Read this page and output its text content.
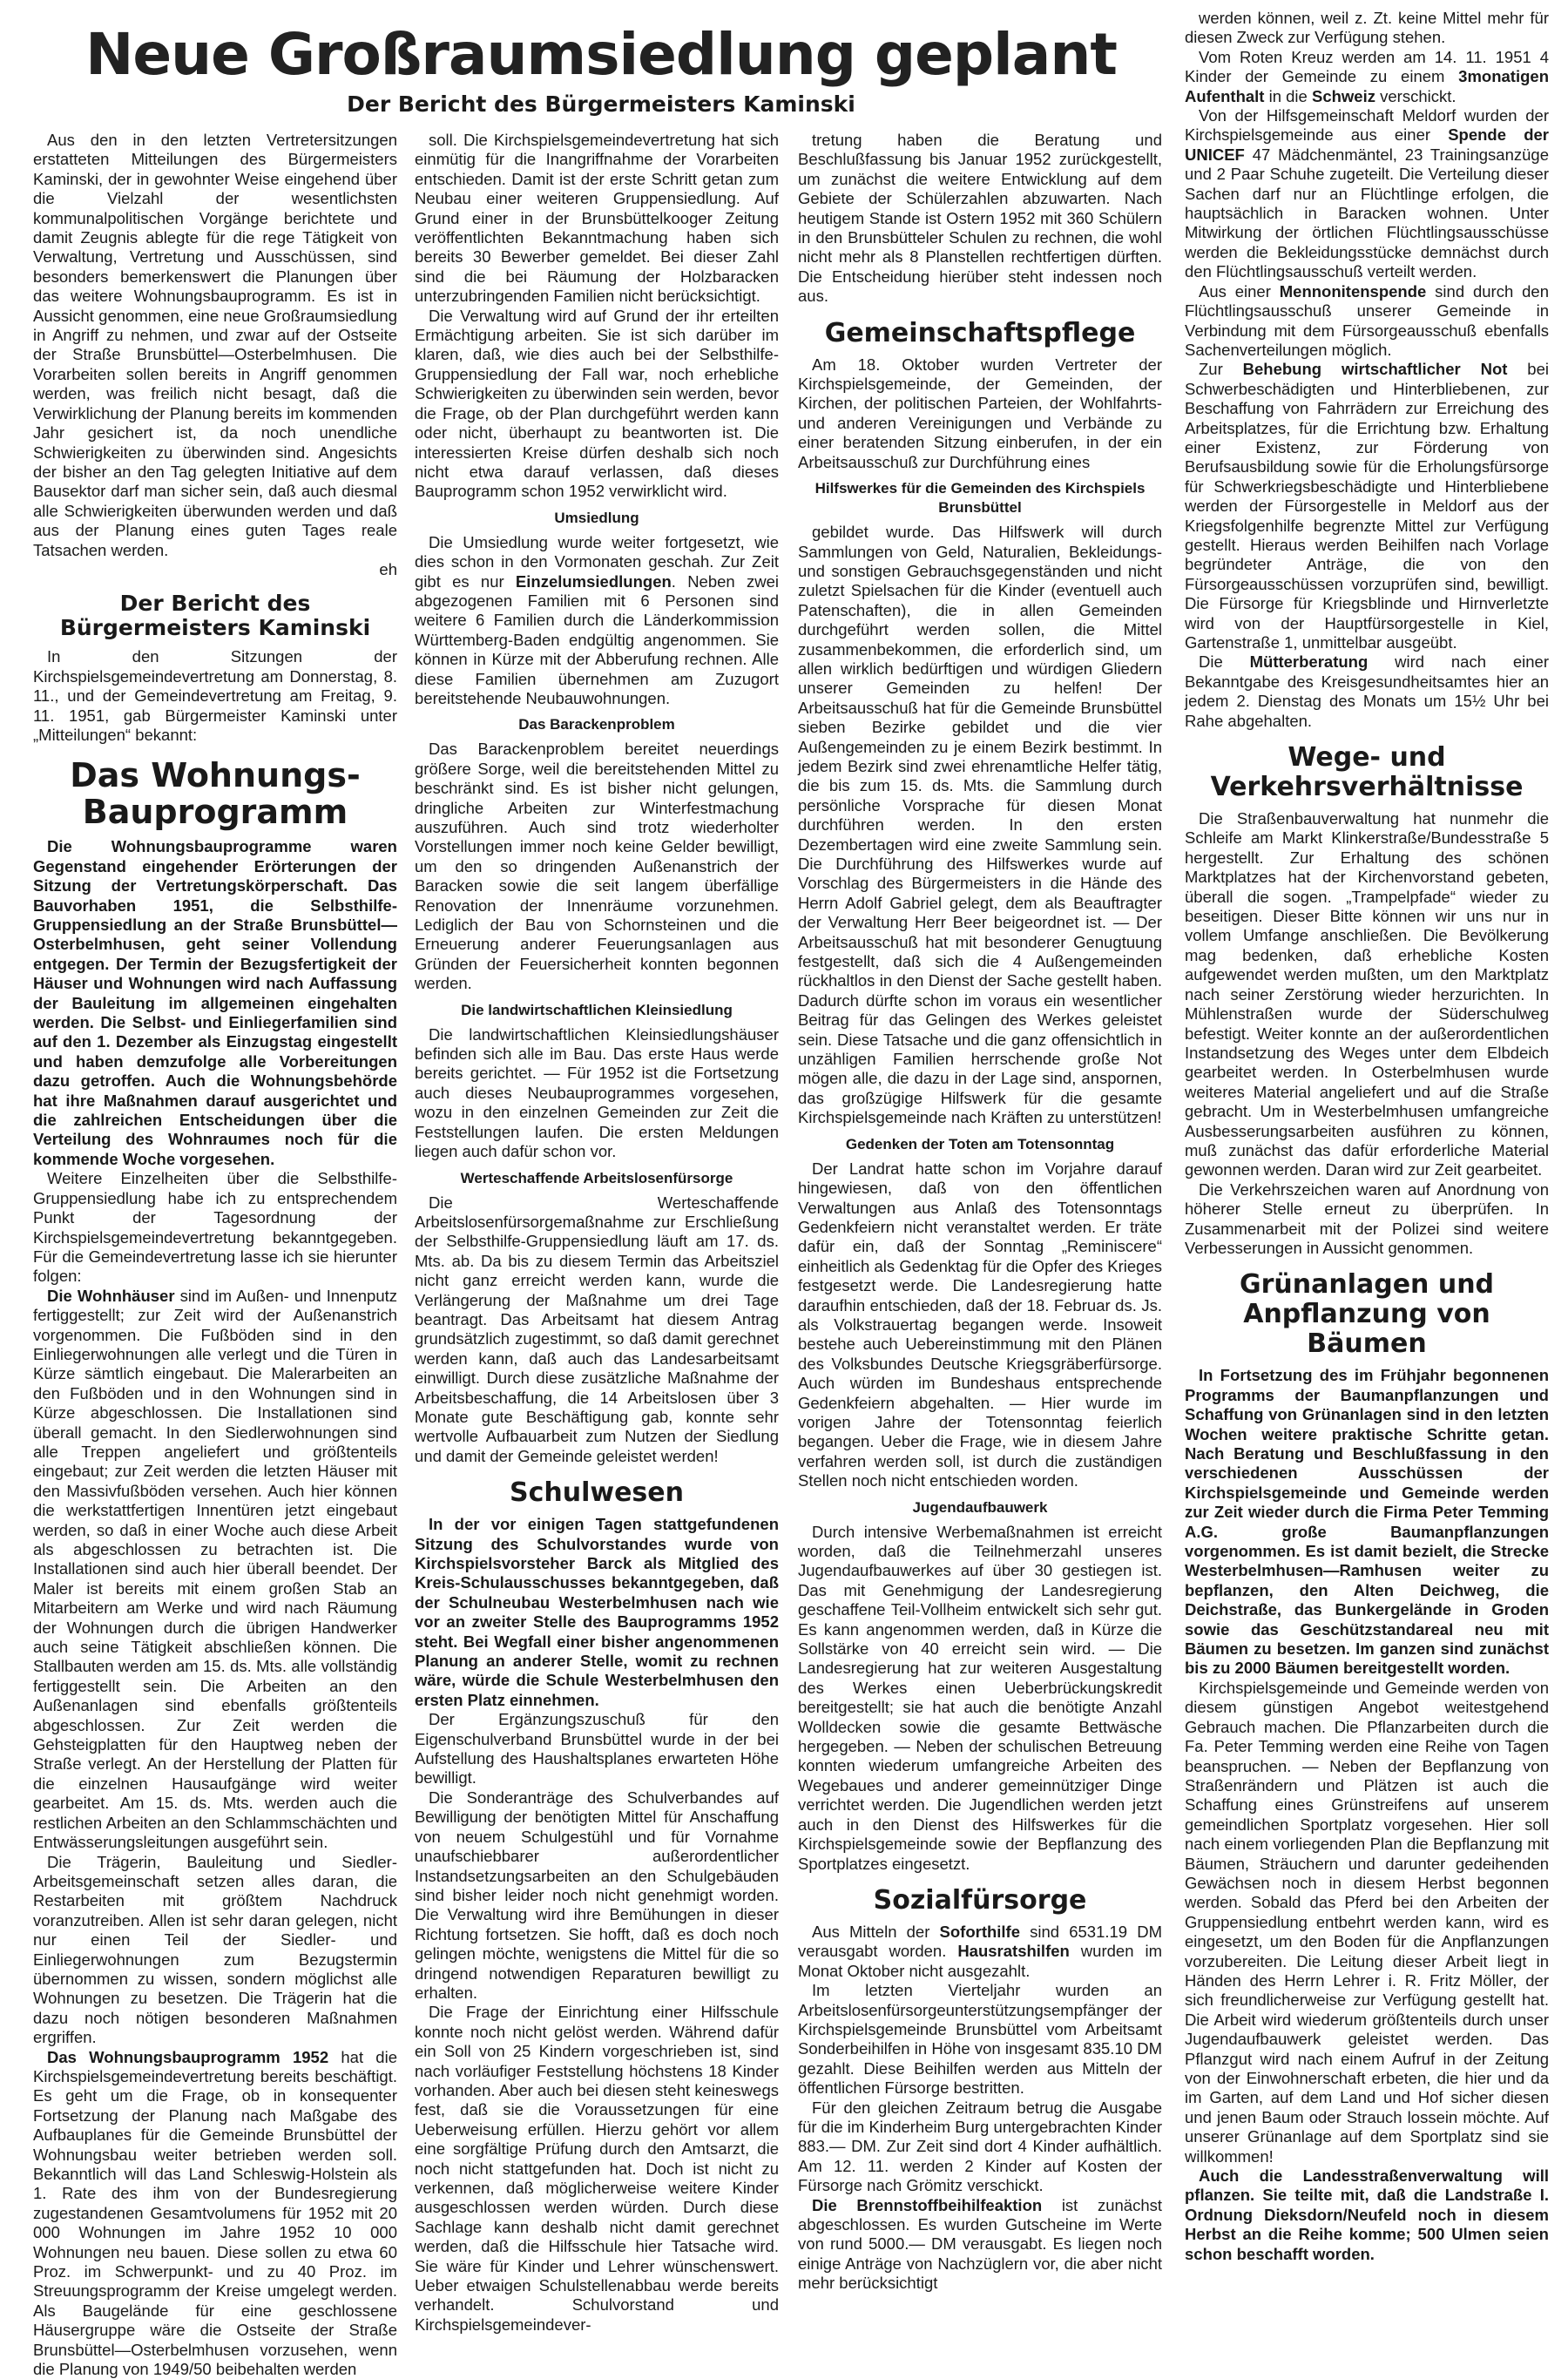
Neue Großraumsiedlung geplant
Der Bericht des Bürgermeisters Kaminski

Aus den in den letzten Vertretersitzungen erstatteten Mitteilungen des Bürgermeisters Kaminski, der in gewohnter Weise eingehend über die Vielzahl der wesentlichsten kommunalpolitischen Vorgänge berichtete und damit Zeugnis ablegte für die rege Tätigkeit von Verwaltung, Vertretung und Ausschüssen, sind besonders bemerkenswert die Planungen über das weitere Wohnungsbauprogramm. Es ist in Aussicht genommen, eine neue Großraumsiedlung in Angriff zu nehmen, und zwar auf der Ostseite der Straße Brunsbüttel—Osterbelmhusen. Die Vorarbeiten sollen bereits in Angriff genommen werden, was freilich nicht besagt, daß die Verwirklichung der Planung bereits im kommenden Jahr gesichert ist, da noch unendliche Schwierigkeiten zu überwinden sind. Angesichts der bisher an den Tag gelegten Initiative auf dem Bausektor darf man sicher sein, daß auch diesmal alle Schwierigkeiten überwunden werden und daß aus der Planung eines guten Tages reale Tatsachen werden.

eh

Der Bericht des Bürgermeisters Kaminski

In den Sitzungen der Kirchspielsgemeindevertretung am Donnerstag, 8. 11., und der Gemeindevertretung am Freitag, 9. 11. 1951, gab Bürgermeister Kaminski unter „Mitteilungen“ bekannt:

Das Wohnungs-Bauprogramm

Die Wohnungsbauprogramme waren Gegenstand eingehender Erörterungen der Sitzung der Vertretungskörperschaft. Das Bauvorhaben 1951, die Selbsthilfe-Gruppensiedlung an der Straße Brunsbüttel—Osterbelmhusen, geht seiner Vollendung entgegen. Der Termin der Bezugsfertigkeit der Häuser und Wohnungen wird nach Auffassung der Bauleitung im allgemeinen eingehalten werden. Die Selbst- und Einliegerfamilien sind auf den 1. Dezember als Einzugstag eingestellt und haben demzufolge alle Vorbereitungen dazu getroffen. Auch die Wohnungsbehörde hat ihre Maßnahmen darauf ausgerichtet und die zahlreichen Entscheidungen über die Verteilung des Wohnraumes noch für die kommende Woche vorgesehen.

Weitere Einzelheiten über die Selbsthilfe-Gruppensiedlung habe ich zu entsprechendem Punkt der Tagesordnung der Kirchspielsgemeindevertretung bekanntgegeben. Für die Gemeindevertretung lasse ich sie hierunter folgen:

Die Wohnhäuser sind im Außen- und Innenputz fertiggestellt; zur Zeit wird der Außenanstrich vorgenommen. Die Fußböden sind in den Einliegerwohnungen alle verlegt und die Türen in Kürze sämtlich eingebaut. Die Malerarbeiten an den Fußböden und in den Wohnungen sind in Kürze abgeschlossen. Die Installationen sind überall gemacht. In den Siedlerwohnungen sind alle Treppen angeliefert und größtenteils eingebaut; zur Zeit werden die letzten Häuser mit den Massivfußböden versehen. Auch hier können die werkstattfertigen Innentüren jetzt eingebaut werden, so daß in einer Woche auch diese Arbeit als abgeschlossen zu betrachten ist. Die Installationen sind auch hier überall beendet. Der Maler ist bereits mit einem großen Stab an Mitarbeitern am Werke und wird nach Räumung der Wohnungen durch die übrigen Handwerker auch seine Tätigkeit abschließen können. Die Stallbauten werden am 15. ds. Mts. alle vollständig fertiggestellt sein. Die Arbeiten an den Außenanlagen sind ebenfalls größtenteils abgeschlossen. Zur Zeit werden die Gehsteigplatten für den Hauptweg neben der Straße verlegt. An der Herstellung der Platten für die einzelnen Hausaufgänge wird weiter gearbeitet. Am 15. ds. Mts. werden auch die restlichen Arbeiten an den Schlammschächten und Entwässerungsleitungen ausgeführt sein.

Die Trägerin, Bauleitung und Siedler-Arbeitsgemeinschaft setzen alles daran, die Restarbeiten mit größtem Nachdruck voranzutreiben. Allen ist sehr daran gelegen, nicht nur einen Teil der Siedler- und Einliegerwohnungen zum Bezugstermin übernommen zu wissen, sondern möglichst alle Wohnungen zu besetzen. Die Trägerin hat die dazu noch nötigen besonderen Maßnahmen ergriffen.

Das Wohnungsbauprogramm 1952 hat die Kirchspielsgemeindevertretung bereits beschäftigt. Es geht um die Frage, ob in konsequenter Fortsetzung der Planung nach Maßgabe des Aufbauplanes für die Gemeinde Brunsbüttel der Wohnungsbau weiter betrieben werden soll. Bekanntlich will das Land Schleswig-Holstein als 1. Rate des ihm von der Bundesregierung zugestandenen Gesamtvolumens für 1952 mit 20 000 Wohnungen im Jahre 1952 10 000 Wohnungen neu bauen. Diese sollen zu etwa 60 Proz. im Schwerpunkt- und zu 40 Proz. im Streuungsprogramm der Kreise umgelegt werden. Als Baugelände für eine geschlossene Häusergruppe wäre die Ostseite der Straße Brunsbüttel—Osterbelmhusen vorzusehen, wenn die Planung von 1949/50 beibehalten werden

soll. Die Kirchspielsgemeindevertretung hat sich einmütig für die Inangriffnahme der Vorarbeiten entschieden. Damit ist der erste Schritt getan zum Neubau einer weiteren Gruppensiedlung. Auf Grund einer in der Brunsbüttelkooger Zeitung veröffentlichten Bekanntmachung haben sich bereits 30 Bewerber gemeldet. Bei dieser Zahl sind die bei Räumung der Holzbaracken unterzubringenden Familien nicht berücksichtigt.

Die Verwaltung wird auf Grund der ihr erteilten Ermächtigung arbeiten. Sie ist sich darüber im klaren, daß, wie dies auch bei der Selbsthilfe-Gruppensiedlung der Fall war, noch erhebliche Schwierigkeiten zu überwinden sein werden, bevor die Frage, ob der Plan durchgeführt werden kann oder nicht, überhaupt zu beantworten ist. Die interessierten Kreise dürfen deshalb sich noch nicht etwa darauf verlassen, daß dieses Bauprogramm schon 1952 verwirklicht wird.

Umsiedlung

Die Umsiedlung wurde weiter fortgesetzt, wie dies schon in den Vormonaten geschah. Zur Zeit gibt es nur Einzelumsiedlungen. Neben zwei abgezogenen Familien mit 6 Personen sind weitere 6 Familien durch die Länderkommission Württemberg-Baden endgültig angenommen. Sie können in Kürze mit der Abberufung rechnen. Alle diese Familien übernehmen am Zuzugort bereitstehende Neubauwohnungen.

Das Barackenproblem

Das Barackenproblem bereitet neuerdings größere Sorge, weil die bereitstehenden Mittel zu beschränkt sind. Es ist bisher nicht gelungen, dringliche Arbeiten zur Winterfestmachung auszuführen. Auch sind trotz wiederholter Vorstellungen immer noch keine Gelder bewilligt, um den so dringenden Außenanstrich der Baracken sowie die seit langem überfällige Renovation der Innenräume vorzunehmen. Lediglich der Bau von Schornsteinen und die Erneuerung anderer Feuerungsanlagen aus Gründen der Feuersicherheit konnten begonnen werden.

Die landwirtschaftlichen Kleinsiedlung

Die landwirtschaftlichen Kleinsiedlungshäuser befinden sich alle im Bau. Das erste Haus werde bereits gerichtet. — Für 1952 ist die Fortsetzung auch dieses Neubauprogrammes vorgesehen, wozu in den einzelnen Gemeinden zur Zeit die Feststellungen laufen. Die ersten Meldungen liegen auch dafür schon vor.

Werteschaffende Arbeitslosenfürsorge

Die Werteschaffende Arbeitslosenfürsorgemaßnahme zur Erschließung der Selbsthilfe-Gruppensiedlung läuft am 17. ds. Mts. ab. Da bis zu diesem Termin das Arbeitsziel nicht ganz erreicht werden kann, wurde die Verlängerung der Maßnahme um drei Tage beantragt. Das Arbeitsamt hat diesem Antrag grundsätzlich zugestimmt, so daß damit gerechnet werden kann, daß auch das Landesarbeitsamt einwilligt. Durch diese zusätzliche Maßnahme der Arbeitsbeschaffung, die 14 Arbeitslosen über 3 Monate gute Beschäftigung gab, konnte sehr wertvolle Aufbauarbeit zum Nutzen der Siedlung und damit der Gemeinde geleistet werden!

Schulwesen

In der vor einigen Tagen stattgefundenen Sitzung des Schulvorstandes wurde von Kirchspielsvorsteher Barck als Mitglied des Kreis-Schulausschusses bekanntgegeben, daß der Schulneubau Westerbelmhusen nach wie vor an zweiter Stelle des Bauprogramms 1952 steht. Bei Wegfall einer bisher angenommenen Planung an anderer Stelle, womit zu rechnen wäre, würde die Schule Westerbelmhusen den ersten Platz einnehmen.

Der Ergänzungszuschuß für den Eigenschulverband Brunsbüttel wurde in der bei Aufstellung des Haushaltsplanes erwarteten Höhe bewilligt.

Die Sonderanträge des Schulverbandes auf Bewilligung der benötigten Mittel für Anschaffung von neuem Schulgestühl und für Vornahme unaufschiebbarer außerordentlicher Instandsetzungsarbeiten an den Schulgebäuden sind bisher leider noch nicht genehmigt worden. Die Verwaltung wird ihre Bemühungen in dieser Richtung fortsetzen. Sie hofft, daß es doch noch gelingen möchte, wenigstens die Mittel für die so dringend notwendigen Reparaturen bewilligt zu erhalten.

Die Frage der Einrichtung einer Hilfsschule konnte noch nicht gelöst werden. Während dafür ein Soll von 25 Kindern vorgeschrieben ist, sind nach vorläufiger Feststellung höchstens 18 Kinder vorhanden. Aber auch bei diesen steht keineswegs fest, daß sie die Voraussetzungen für eine Ueberweisung erfüllen. Hierzu gehört vor allem eine sorgfältige Prüfung durch den Amtsarzt, die noch nicht stattgefunden hat. Doch ist nicht zu verkennen, daß möglicherweise weitere Kinder ausgeschlossen werden würden. Durch diese Sachlage kann deshalb nicht damit gerechnet werden, daß die Hilfsschule hier Tatsache wird. Sie wäre für Kinder und Lehrer wünschenswert. Ueber etwaigen Schulstellenabbau werde bereits verhandelt. Schulvorstand und Kirchspielsgemeindever-

tretung haben die Beratung und Beschlußfassung bis Januar 1952 zurückgestellt, um zunächst die weitere Entwicklung auf dem Gebiete der Schülerzahlen abzuwarten. Nach heutigem Stande ist Ostern 1952 mit 360 Schülern in den Brunsbütteler Schulen zu rechnen, die wohl nicht mehr als 8 Planstellen rechtfertigen dürften. Die Entscheidung hierüber steht indessen noch aus.

Gemeinschaftspflege

Am 18. Oktober wurden Vertreter der Kirchspielsgemeinde, der Gemeinden, der Kirchen, der politischen Parteien, der Wohlfahrts- und anderen Vereinigungen und Verbände zu einer beratenden Sitzung einberufen, in der ein Arbeitsausschuß zur Durchführung eines

Hilfswerkes für die Gemeinden des Kirchspiels Brunsbüttel

gebildet wurde. Das Hilfswerk will durch Sammlungen von Geld, Naturalien, Bekleidungs- und sonstigen Gebrauchsgegenständen und nicht zuletzt Spielsachen für die Kinder (eventuell auch Patenschaften), die in allen Gemeinden durchgeführt werden sollen, die Mittel zusammenbekommen, die erforderlich sind, um allen wirklich bedürftigen und würdigen Gliedern unserer Gemeinden zu helfen! Der Arbeitsausschuß hat für die Gemeinde Brunsbüttel sieben Bezirke gebildet und die vier Außengemeinden zu je einem Bezirk bestimmt. In jedem Bezirk sind zwei ehrenamtliche Helfer tätig, die bis zum 15. ds. Mts. die Sammlung durch persönliche Vorsprache für diesen Monat durchführen werden. In den ersten Dezembertagen wird eine zweite Sammlung sein. Die Durchführung des Hilfswerkes wurde auf Vorschlag des Bürgermeisters in die Hände des Herrn Adolf Gabriel gelegt, dem als Beauftragter der Verwaltung Herr Beer beigeordnet ist. — Der Arbeitsausschuß hat mit besonderer Genugtuung festgestellt, daß sich die 4 Außengemeinden rückhaltlos in den Dienst der Sache gestellt haben. Dadurch dürfte schon im voraus ein wesentlicher Beitrag für das Gelingen des Werkes geleistet sein. Diese Tatsache und die ganz offensichtlich in unzähligen Familien herrschende große Not mögen alle, die dazu in der Lage sind, anspornen, das großzügige Hilfswerk für die gesamte Kirchspielsgemeinde nach Kräften zu unterstützen!

Gedenken der Toten am Totensonntag

Der Landrat hatte schon im Vorjahre darauf hingewiesen, daß von den öffentlichen Verwaltungen aus Anlaß des Totensonntags Gedenkfeiern nicht veranstaltet werden. Er träte dafür ein, daß der Sonntag „Reminiscere“ einheitlich als Gedenktag für die Opfer des Krieges festgesetzt werde. Die Landesregierung hatte daraufhin entschieden, daß der 18. Februar ds. Js. als Volkstrauertag begangen werde. Insoweit bestehe auch Uebereinstimmung mit den Plänen des Volksbundes Deutsche Kriegsgräberfürsorge. Auch würden im Bundeshaus entsprechende Gedenkfeiern abgehalten. — Hier wurde im vorigen Jahre der Totensonntag feierlich begangen. Ueber die Frage, wie in diesem Jahre verfahren werden soll, ist durch die zuständigen Stellen noch nicht entschieden worden.

Jugendaufbauwerk

Durch intensive Werbemaßnahmen ist erreicht worden, daß die Teilnehmerzahl unseres Jugendaufbauwerkes auf über 30 gestiegen ist. Das mit Genehmigung der Landesregierung geschaffene Teil-Vollheim entwickelt sich sehr gut. Es kann angenommen werden, daß in Kürze die Sollstärke von 40 erreicht sein wird. — Die Landesregierung hat zur weiteren Ausgestaltung des Werkes einen Ueberbrückungskredit bereitgestellt; sie hat auch die benötigte Anzahl Wolldecken sowie die gesamte Bettwäsche hergegeben. — Neben der schulischen Betreuung konnten wiederum umfangreiche Arbeiten des Wegebaues und anderer gemeinnütziger Dinge verrichtet werden. Die Jugendlichen werden jetzt auch in den Dienst des Hilfswerkes für die Kirchspielsgemeinde sowie der Bepflanzung des Sportplatzes eingesetzt.

Sozialfürsorge

Aus Mitteln der Soforthilfe sind 6531.19 DM verausgabt worden. Hausratshilfen wurden im Monat Oktober nicht ausgezahlt.

Im letzten Vierteljahr wurden an Arbeitslosenfürsorgeunterstützungsempfänger der Kirchspielsgemeinde Brunsbüttel vom Arbeitsamt Sonderbeihilfen in Höhe von insgesamt 835.10 DM gezahlt. Diese Beihilfen werden aus Mitteln der öffentlichen Fürsorge bestritten.

Für den gleichen Zeitraum betrug die Ausgabe für die im Kinderheim Burg untergebrachten Kinder 883.— DM. Zur Zeit sind dort 4 Kinder aufhältlich. Am 12. 11. werden 2 Kinder auf Kosten der Fürsorge nach Grömitz verschickt.

Die Brennstoffbeihilfeaktion ist zunächst abgeschlossen. Es wurden Gutscheine im Werte von rund 5000.— DM verausgabt. Es liegen noch einige Anträge von Nachzüglern vor, die aber nicht mehr berücksichtigt

werden können, weil z. Zt. keine Mittel mehr für diesen Zweck zur Verfügung stehen.

Vom Roten Kreuz werden am 14. 11. 1951 4 Kinder der Gemeinde zu einem 3monatigen Aufenthalt in die Schweiz verschickt.

Von der Hilfsgemeinschaft Meldorf wurden der Kirchspielsgemeinde aus einer Spende der UNICEF 47 Mädchenmäntel, 23 Trainingsanzüge und 2 Paar Schuhe zugeteilt. Die Verteilung dieser Sachen darf nur an Flüchtlinge erfolgen, die hauptsächlich in Baracken wohnen. Unter Mitwirkung der örtlichen Flüchtlingsausschüsse werden die Bekleidungsstücke demnächst durch den Flüchtlingsausschuß verteilt werden.

Aus einer Mennonitenspende sind durch den Flüchtlingsausschuß unserer Gemeinde in Verbindung mit dem Fürsorgeausschuß ebenfalls Sachenverteilungen möglich.

Zur Behebung wirtschaftlicher Not bei Schwerbeschädigten und Hinterbliebenen, zur Beschaffung von Fahrrädern zur Erreichung des Arbeitsplatzes, für die Errichtung bzw. Erhaltung einer Existenz, zur Förderung von Berufsausbildung sowie für die Erholungsfürsorge für Schwerkriegsbeschädigte und Hinterbliebene werden der Fürsorgestelle in Meldorf aus der Kriegsfolgenhilfe begrenzte Mittel zur Verfügung gestellt. Hieraus werden Beihilfen nach Vorlage begründeter Anträge, die von den Fürsorgeausschüssen vorzuprüfen sind, bewilligt. Die Fürsorge für Kriegsblinde und Hirnverletzte wird von der Hauptfürsorgestelle in Kiel, Gartenstraße 1, unmittelbar ausgeübt.

Die Mütterberatung wird nach einer Bekanntgabe des Kreisgesundheitsamtes hier an jedem 2. Dienstag des Monats um 15½ Uhr bei Rahe abgehalten.

Wege- und Verkehrsverhältnisse

Die Straßenbauverwaltung hat nunmehr die Schleife am Markt Klinkerstraße/Bundesstraße 5 hergestellt. Zur Erhaltung des schönen Marktplatzes hat der Kirchenvorstand gebeten, überall die sogen. „Trampelpfade“ wieder zu beseitigen. Dieser Bitte können wir uns nur in vollem Umfange anschließen. Die Bevölkerung mag bedenken, daß erhebliche Kosten aufgewendet werden mußten, um den Marktplatz nach seiner Zerstörung wieder herzurichten. In Mühlenstraßen wurde der Süderschulweg befestigt. Weiter konnte an der außerordentlichen Instandsetzung des Weges unter dem Elbdeich gearbeitet werden. In Osterbelmhusen wurde weiteres Material angeliefert und auf die Straße gebracht. Um in Westerbelmhusen umfangreiche Ausbesserungsarbeiten ausführen zu können, muß zunächst das dafür erforderliche Material gewonnen werden. Daran wird zur Zeit gearbeitet.

Die Verkehrszeichen waren auf Anordnung von höherer Stelle erneut zu überprüfen. In Zusammenarbeit mit der Polizei sind weitere Verbesserungen in Aussicht genommen.

Grünanlagen und Anpflanzung von Bäumen

In Fortsetzung des im Frühjahr begonnenen Programms der Baumanpflanzungen und Schaffung von Grünanlagen sind in den letzten Wochen weitere praktische Schritte getan. Nach Beratung und Beschlußfassung in den verschiedenen Ausschüssen der Kirchspielsgemeinde und Gemeinde werden zur Zeit wieder durch die Firma Peter Temming A.G. große Baumanpflanzungen vorgenommen. Es ist damit bezielt, die Strecke Westerbelmhusen—Ramhusen weiter zu bepflanzen, den Alten Deichweg, die Deichstraße, das Bunkergelände in Groden sowie das Geschützstandareal neu mit Bäumen zu besetzen. Im ganzen sind zunächst bis zu 2000 Bäumen bereitgestellt worden.

Kirchspielsgemeinde und Gemeinde werden von diesem günstigen Angebot weitestgehend Gebrauch machen. Die Pflanzarbeiten durch die Fa. Peter Temming werden eine Reihe von Tagen beanspruchen. — Neben der Bepflanzung von Straßenrändern und Plätzen ist auch die Schaffung eines Grünstreifens auf unserem gemeindlichen Sportplatz vorgesehen. Hier soll nach einem vorliegenden Plan die Bepflanzung mit Bäumen, Sträuchern und darunter gedeihenden Gewächsen noch in diesem Herbst begonnen werden. Sobald das Pferd bei den Arbeiten der Gruppensiedlung entbehrt werden kann, wird es eingesetzt, um den Boden für die Anpflanzungen vorzubereiten. Die Leitung dieser Arbeit liegt in Händen des Herrn Lehrer i. R. Fritz Möller, der sich freundlicherweise zur Verfügung gestellt hat. Die Arbeit wird wiederum größtenteils durch unser Jugendaufbauwerk geleistet werden. Das Pflanzgut wird nach einem Aufruf in der Zeitung von der Einwohnerschaft erbeten, die hier und da im Garten, auf dem Land und Hof sicher diesen und jenen Baum oder Strauch lossein möchte. Auf unserer Grünanlage auf dem Sportplatz sind sie willkommen!

Auch die Landesstraßenverwaltung will pflanzen. Sie teilte mit, daß die Landstraße I. Ordnung Dieksdorn/Neufeld noch in diesem Herbst an die Reihe komme; 500 Ulmen seien schon beschafft worden.
